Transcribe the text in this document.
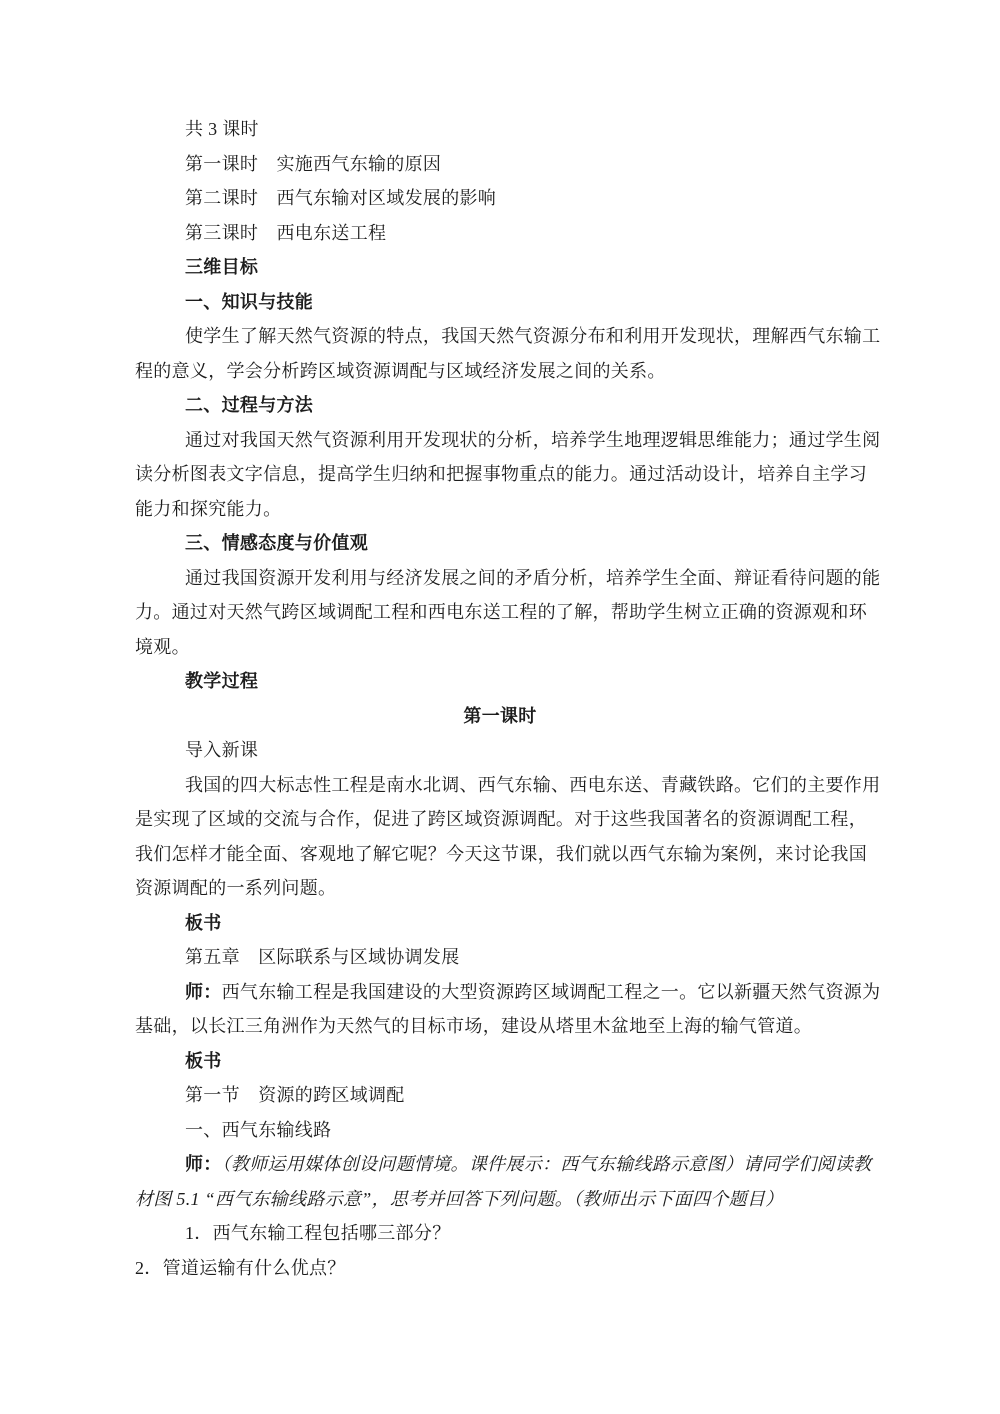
共 3 课时

第一课时　实施西气东输的原因

第二课时　西气东输对区域发展的影响

第三课时　西电东送工程

三维目标

一、知识与技能

使学生了解天然气资源的特点，我国天然气资源分布和利用开发现状，理解西气东输工

程的意义，学会分析跨区域资源调配与区域经济发展之间的关系。

二、过程与方法

通过对我国天然气资源利用开发现状的分析，培养学生地理逻辑思维能力；通过学生阅

读分析图表文字信息，提高学生归纳和把握事物重点的能力。通过活动设计，培养自主学习

能力和探究能力。

三、情感态度与价值观

通过我国资源开发利用与经济发展之间的矛盾分析，培养学生全面、辩证看待问题的能

力。通过对天然气跨区域调配工程和西电东送工程的了解，帮助学生树立正确的资源观和环

境观。

教学过程

第一课时

导入新课

我国的四大标志性工程是南水北调、西气东输、西电东送、青藏铁路。它们的主要作用

是实现了区域的交流与合作，促进了跨区域资源调配。对于这些我国著名的资源调配工程，

我们怎样才能全面、客观地了解它呢？今天这节课，我们就以西气东输为案例，来讨论我国

资源调配的一系列问题。

板书

第五章　区际联系与区域协调发展

师：西气东输工程是我国建设的大型资源跨区域调配工程之一。它以新疆天然气资源为

基础，以长江三角洲作为天然气的目标市场，建设从塔里木盆地至上海的输气管道。

板书

第一节　资源的跨区域调配

一、西气东输线路

师：（教师运用媒体创设问题情境。课件展示：西气东输线路示意图）请同学们阅读教

材图 5.1 “西气东输线路示意”，思考并回答下列问题。（教师出示下面四个题目）

1．西气东输工程包括哪三部分？

2．管道运输有什么优点？
